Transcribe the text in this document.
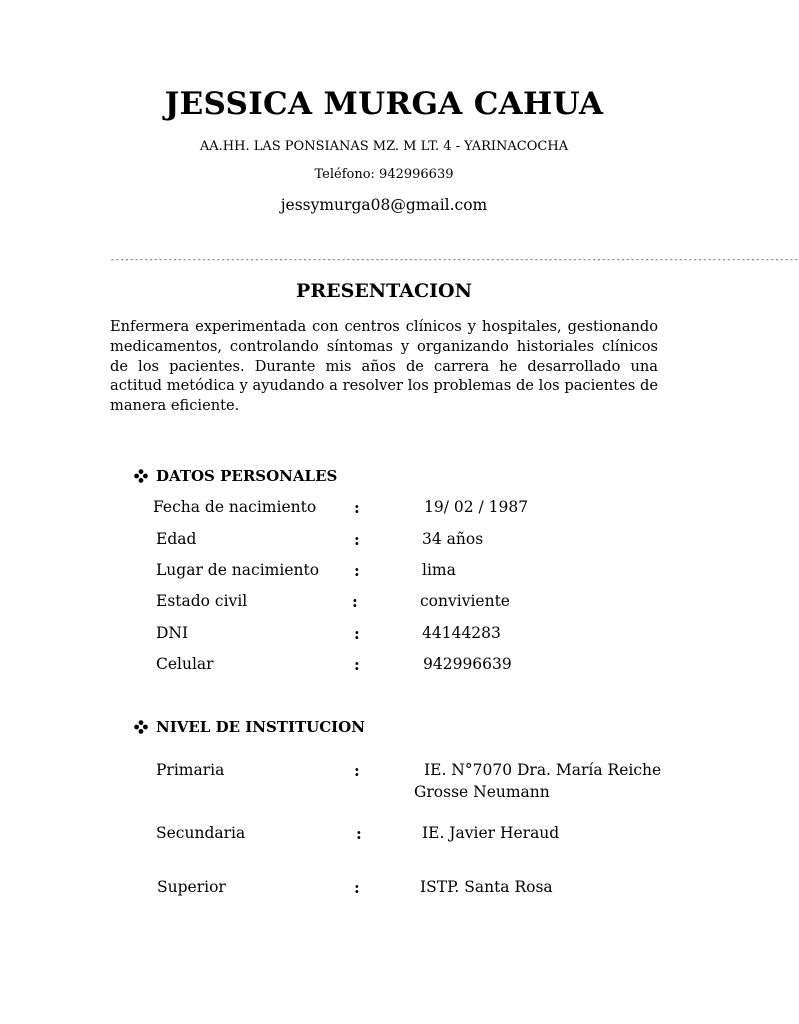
JESSICA MURGA CAHUA
AA.HH. LAS PONSIANAS MZ. M LT. 4 - YARINACOCHA
Teléfono: 942996639
jessymurga08@gmail.com
-----------------------------------------------------------------------------------------------------------------------------------------------
PRESENTACION
Enfermera experimentada con centros clínicos y hospitales, gestionando medicamentos, controlando síntomas y organizando historiales clínicos de los pacientes. Durante mis años de carrera he desarrollado una actitud metódica y ayudando a resolver los problemas de los pacientes de manera eficiente.
DATOS PERSONALES
Fecha de nacimiento :	19/ 02 / 1987
Edad	:	34 años
Lugar de nacimiento :	lima
Estado civil	:	conviviente
DNI	:	44144283
Celular	:	942996639
NIVEL DE INSTITUCION
Primaria	:	IE. N°7070 Dra. María Reiche
Grosse Neumann
Secundaria	:	IE. Javier Heraud
Superior	:	ISTP. Santa Rosa
